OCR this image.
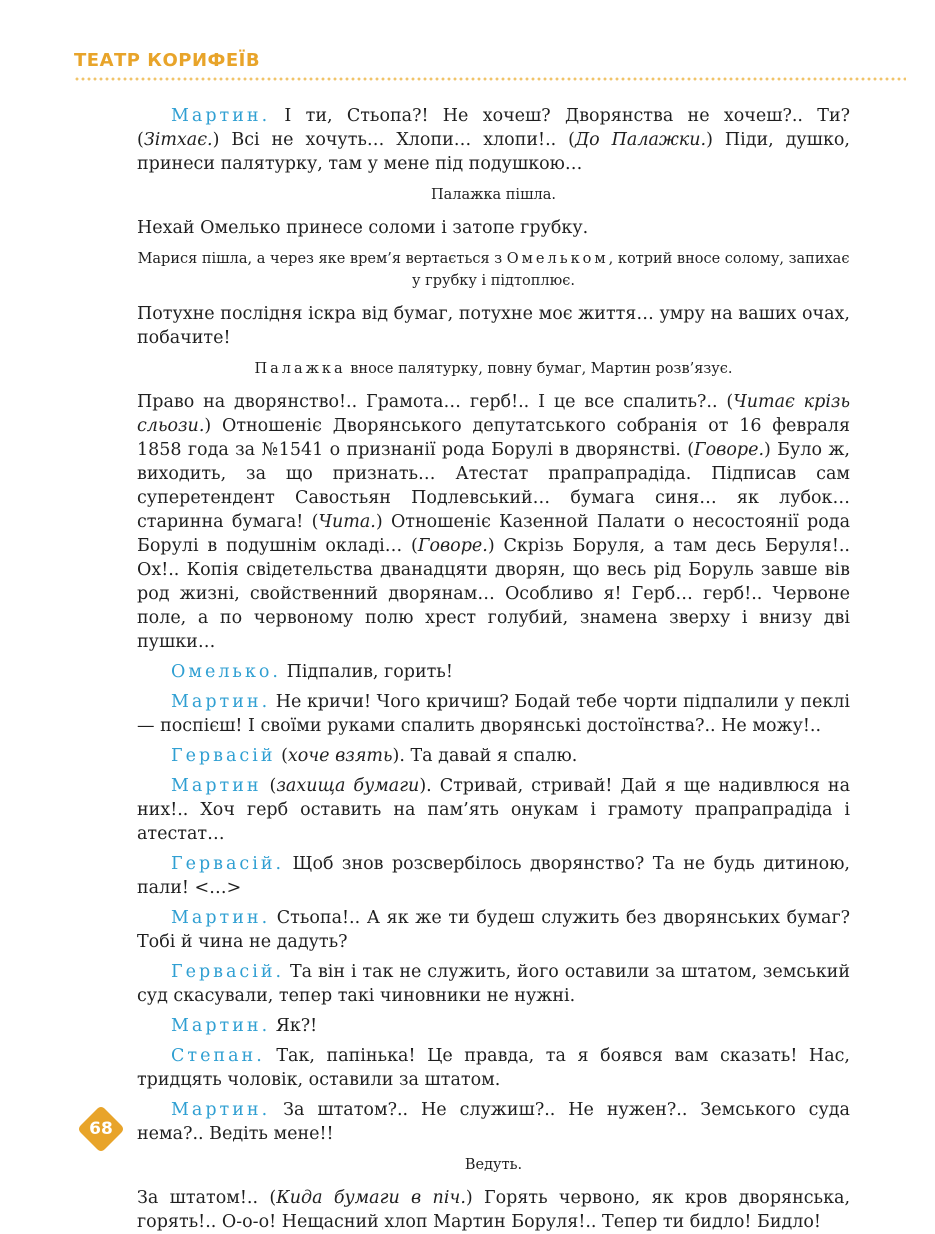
ТЕАТР КОРИФЕЇВ

Мартин. І ти, Стьопа?! Не хочеш? Дворянства не хочеш?.. Ти? (Зітхає.) Всі не хочуть… Хлопи… хлопи!.. (До Палажки.) Піди, душко, принеси палятурку, там у мене під подушкою…

Палажка пішла.

Нехай Омелько принесе соломи і затопе грубку.

Марися пішла, а через яке врем’я вертається з Омельком, котрий вносе солому, запихає у грубку і підтоплює.

Потухне послідня іскра від бумаг, потухне моє життя… умру на ваших очах, побачите!

Палажка вносе палятурку, повну бумаг, Мартин розв’язує.

Право на дворянство!.. Грамота… герб!.. І це все спалить?.. (Читає крізь сльози.) Отношеніє Дворянського депутатського собранія от 16 февраля 1858 года за №1541 о признанії рода Борулі в дворянстві. (Говоре.) Було ж, виходить, за що признать… Атестат прапрапрадіда. Підписав сам суперетендент Савостьян Подлевський… бумага синя… як лубок… старинна бумага! (Чита.) Отношеніє Казенной Палати о несостоянії рода Борулі в подушнім окладі… (Говоре.) Скрізь Боруля, а там десь Беруля!.. Ох!.. Копія свідетельства дванадцяти дворян, що весь рід Боруль завше вів род жизні, свойственний дворянам… Особливо я! Герб… герб!.. Червоне поле, а по червоному полю хрест голубий, знамена зверху і внизу дві пушки…

Омелько. Підпалив, горить!

Мартин. Не кричи! Чого кричиш? Бодай тебе чорти підпалили у пеклі — поспієш! І своїми руками спалить дворянські достоїнства?.. Не можу!..

Гервасій (хоче взять). Та давай я спалю.

Мартин (захища бумаги). Стривай, стривай! Дай я ще надивлюся на них!.. Хоч герб оставить на пам’ять онукам і грамоту прапрапрадіда і атестат…

Гервасій. Щоб знов розсвербілось дворянство? Та не будь дитиною, пали! <…>

Мартин. Стьопа!.. А як же ти будеш служить без дворянських бумаг? Тобі й чина не дадуть?

Гервасій. Та він і так не служить, його оставили за штатом, земський суд скасували, тепер такі чиновники не нужні.

Мартин. Як?!

Степан. Так, папінька! Це правда, та я боявся вам сказать! Нас, тридцять чоловік, оставили за штатом.

Мартин. За штатом?.. Не служиш?.. Не нужен?.. Земського суда нема?.. Ведіть мене!!

Ведуть.

За штатом!.. (Кида бумаги в піч.) Горять червоно, як кров дворянська, горять!.. О-о-о! Нещасний хлоп Мартин Боруля!.. Тепер ти бидло! Бидло!

68
